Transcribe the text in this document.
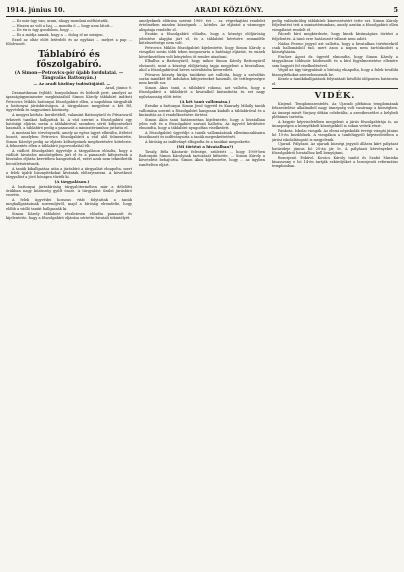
1914. június 10.	ARADI KÖZLÖNY.	5

— Ez már úgy van, uram, ahogy mondani méltóztatik.

— Hiszen az volt a baj, — mondta ő — hogy nem látott...

— De én is úgy gondolom, hogy ...

— Ez a módja annak, hogy a ... dolog el ne menjen.

Ezzel az oltár előtt letérdelt és az egyházi ... melyet a pap ... fölolvasott.

Táblabíró és főszolgabíró.
(A Simon—Petrovics-pör újabb fordulatai. — Tángvalás Battonyán.)

— Az aradi közlöny tudósítójától. —

Arad, június 9.

Dramatikusan fejlődő, bonyodalmas és hírhedt pert, amelyet az igazságügyminiszter megbízásából Simon Károly táblabíró indított Petrovics Miklós battonyai főszolgabíró ellen, a napokban tárgyalták a battonyai járásbíróságon. A tárgyaláson megjelent a két fél, ügyvédeik és nagyszámú közönség.

A megyei kórház: kerületéből, valamint Battonyáról és Pitvarosról érkezett tanúkat hallgattak ki. A vád szerint a főszolgabíró egy hatósági eljárás során a táblabíróval szemben sértő kifejezéseket használt, a táblabíró pedig a panaszát a minisztériumhoz juttatta el.

A mostani kir. törvényszék, amely az egész ügyet elbírálta, ítéletet hozott, amelyben Petrovics főszolgabírót a vád alól felmentette, Simon Károlyt pedig az eljárás költségeinek megfizetésére kötelezte. A felmentés ellen a táblabíró jogorvoslattal élt.

A vádlott főszolgabíró ügyvédje a tárgyaláson előadta, hogy a vádlott hivatalos minőségében járt el és a panaszolt kifejezések a hivatalos eljárás keretében hangzottak el, ezért azok nem tekinthetők becsületsértésnek.

A tanúk kihallgatása után a járásbíró a tárgyalást elnapolta, mert a felek újabb bizonyítékokat kívántak előterjeszteni. A következő tárgyalást a jövő hónapra tűzték ki.

(A tárgyaláson.)

A battonyai járásbíróság tárgyalótermében már a délelőtti órákban nagy közönség gyűlt össze. A tárgyalást Szabó járásbíró vezette.

A felek ügyvédei hosszas vitát folytattak a tanúk meghallgatásának sorrendjéről, majd a bíróság elrendelte, hogy előbb a vádló tanúit hallgassák ki.

Simon Károly táblabíró részletesen előadta panaszát és kijelentette, hogy a főszolgabíró eljárása sértette hivatali tekintélyét.

amelyeknek előírása szerint 1909. évi ... sz. végrehajtási rendelet értelmében minden községnek ... köteles. Az eljárást a vármegye alispánja rendelte el.

Ezután a főszolgabíró előadta, hogy a községi elöljáróság jelentése alapján járt el, és a táblabíró kérésére semmiféle kötelezettsége nem volt.

Petrovics Miklós főszolgabíró kijelentette, hogy Simon Károly a vizsgálat során több ízben megzavarta a hatósági eljárást, és ennek következtében volt kénytelen őt rendre utasítani.

Elhallva a Battonyáról, hogy mikor Simon Károly Battonyáról elutazott, mint a községi elöljáróság tagja megjelent a hivatalban, ahol a főszolgabíróval heves szóváltásba keveredett.

Pitvaros község bírája tanúként azt vallotta, hogy a szóváltás során mindkét fél indulatos kifejezéseket használt, de tettlegességre nem került sor.

Simon Ákos tanú, a táblabíró rokona, azt vallotta, hogy a főszolgabíró a táblabírót a hivatalból kiutasította és ezt nagy nyilvánosság előtt tette.

(A két tanú vallomása.)

Erzsike a battonyai Simon Jenő ügyvéd és Kanrady Mihály tanúk vallomása szerint a főszolgabíró hangosan kiabált a táblabíróval és a kiutasítás az ő rendelkezésére történt.

Simon Ákos tanú határozottan kijelentette, hogy a hivatalban jelen volt és a főszolgabíró szavait hallotta. Az ügyvéd kérdésére elmondta, hogy a táblabíró nyugodtan viselkedett.

A főszolgabíró ügyvédje a tanúk vallomásának ellentmondásaira hivatkozott és indítványozta a tanúk megeskettetését.

A bíróság az indítványt elfogadta és a tanúkat megeskette.

(Mi történt a hivatalban?)

Tavaly, Béla Kántorúr felesége, született ... hogy 1909-ben Battonyán Simon Károlynak tartozását kifizette, ... Simon Károly a követelést behajtotta. Simon Ákos kijelentette, hogy ... az ügyben ismételten eljárt.

pedig valószínűleg táblabírói kinevezéséért tette ezt. Simon Károly feljelentést tett a minisztériumban, amely azután a főszolgabíró ellen vizsgálatot rendelt el.

Páczelt bíró megkérdezte, hogy kinek kívánságára történt a feljelentés. A tanú erre határozott választ nem adott.

Nádas Ferenc jegyző azt vallotta, hogy a hivatalban történtekről csak hallomásból tud, mert azon a napon nem tartózkodott a községházán.

Fischer Ágost dr. ügyvéd elmondta, hogy Simon Károly a tárgyaláson többször közbeszólt és a bíró figyelmeztetése ellenére sem hagyott fel viselkedésével.

Végül az ügy tárgyalását a bíróság elnapolta, hogy a felek további bizonyítékokat szerezhessenek be.

Kenéz a tanúkihallgatások folytatását későbbi időpontra határozta el.

VIDÉK.

Kisjenő. Templomszentelés. Az Ujaradi plébánia templomának felszentelése alkalmából nagy ünnepség volt vasárnap a községben. Az ünnepi misét Varjasy dékán celebrálta, a szentbeszédet a helybeli plébános tartotta.

A kegyúr képviseletében megjelent a járás főszolgabírája is, az ünnepségen a környékbeli községekből is sokan vettek részt.

Pankota. Iskolai vizsgák. Az elemi népiskolák évvégi vizsgái június hó 15-én kezdődnek. A vizsgákon a tanfelügyelő képviseletében a járási iskolalátogató is megjelenik.

Ujarad. Pályázat. Az ujaradi községi jegyzői állásra kiírt pályázat határideje június hó 20-án jár le. A pályázati kérvényeket a főszolgabírói hivatalhoz kell benyújtani.

Borosjenő. Esküvő. Kovács Károly tanító és Szabó Mariska kisasszony e hó 14-én tartják esküvőjüket a borosjenői református templomban.
